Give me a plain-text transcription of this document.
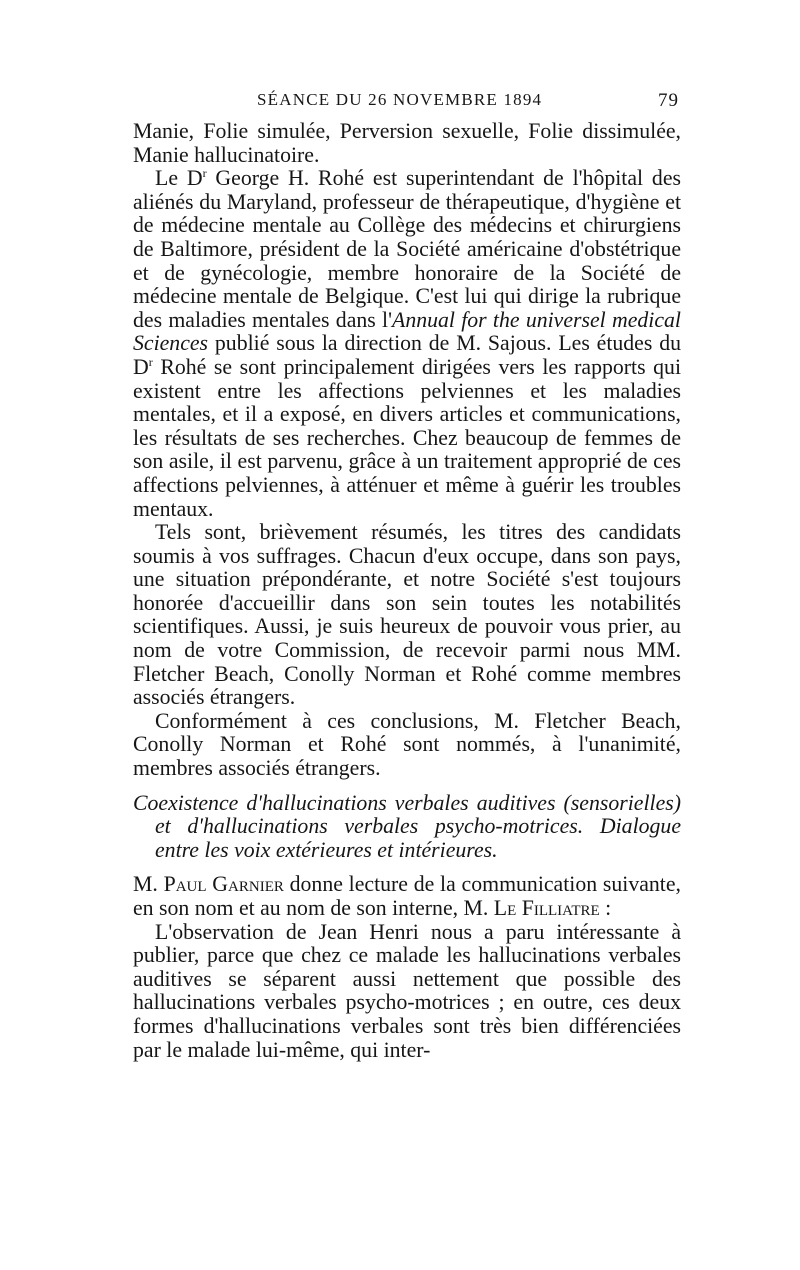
SÉANCE DU 26 NOVEMBRE 1894	79

Manie, Folie simulée, Perversion sexuelle, Folie dissimulée, Manie hallucinatoire.

Le $D^r$ George H. Rohé est superintendant de l'hôpital des aliénés du Maryland, professeur de thérapeutique, d'hygiène et de médecine mentale au Collège des médecins et chirurgiens de Baltimore, président de la Société américaine d'obstétrique et de gynécologie, membre honoraire de la Société de médecine mentale de Belgique. C'est lui qui dirige la rubrique des maladies mentales dans l'Annual for the universel medical Sciences publié sous la direction de M. Sajous. Les études du $D^r$ Rohé se sont principalement dirigées vers les rapports qui existent entre les affections pelviennes et les maladies mentales, et il a exposé, en divers articles et communications, les résultats de ses recherches. Chez beaucoup de femmes de son asile, il est parvenu, grâce à un traitement approprié de ces affections pelviennes, à atténuer et même à guérir les troubles mentaux.

Tels sont, brièvement résumés, les titres des candidats soumis à vos suffrages. Chacun d'eux occupe, dans son pays, une situation prépondérante, et notre Société s'est toujours honorée d'accueillir dans son sein toutes les notabilités scientifiques. Aussi, je suis heureux de pouvoir vous prier, au nom de votre Commission, de recevoir parmi nous MM. Fletcher Beach, Conolly Norman et Rohé comme membres associés étrangers.

Conformément à ces conclusions, M. Fletcher Beach, Conolly Norman et Rohé sont nommés, à l'unanimité, membres associés étrangers.

Coexistence d'hallucinations verbales auditives (sensorielles) et d'hallucinations verbales psycho-motrices. Dialogue entre les voix extérieures et intérieures.

M. Paul Garnier donne lecture de la communication suivante, en son nom et au nom de son interne, M. Le Filliatre :

L'observation de Jean Henri nous a paru intéressante à publier, parce que chez ce malade les hallucinations verbales auditives se séparent aussi nettement que possible des hallucinations verbales psycho-motrices ; en outre, ces deux formes d'hallucinations verbales sont très bien différenciées par le malade lui-même, qui inter-
